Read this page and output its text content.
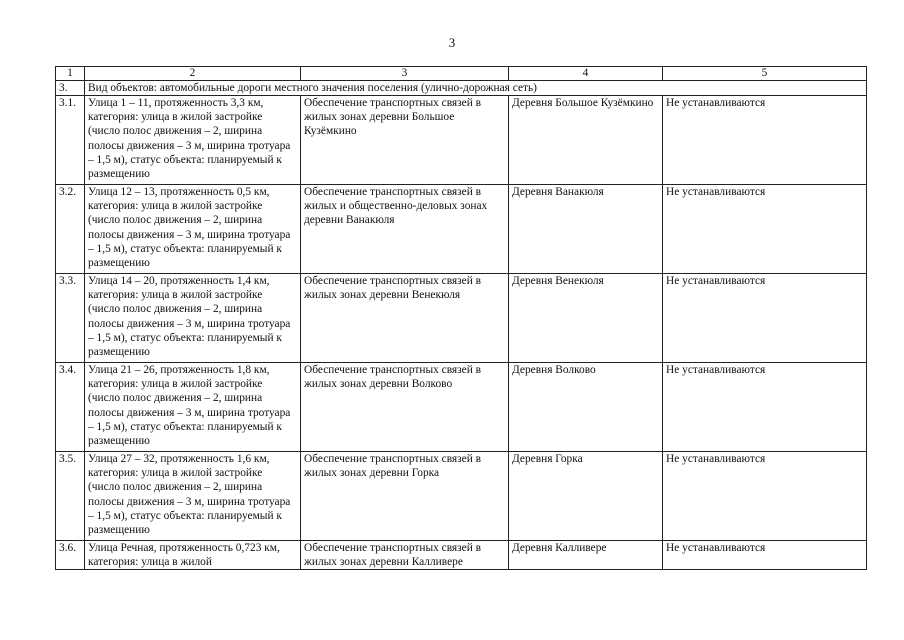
3
1	2	3	4	5
3.	Вид объектов: автомобильные дороги местного значения поселения (улично-дорожная сеть)			
3.1.	Улица 1 – 11, протяженность 3,3 км, категория: улица в жилой застройке (число полос движения – 2, ширина полосы движения – 3 м, ширина тротуара – 1,5 м), статус объекта: планируемый к размещению	Обеспечение транспортных связей в жилых зонах деревни Большое Кузёмкино	Деревня Большое Кузёмкино	Не устанавливаются
3.2.	Улица 12 – 13, протяженность 0,5 км, категория: улица в жилой застройке (число полос движения – 2, ширина полосы движения – 3 м, ширина тротуара – 1,5 м), статус объекта: планируемый к размещению	Обеспечение транспортных связей в жилых и общественно-деловых зонах деревни Ванакюля	Деревня Ванакюля	Не устанавливаются
3.3.	Улица 14 – 20, протяженность 1,4 км, категория: улица в жилой застройке (число полос движения – 2, ширина полосы движения – 3 м, ширина тротуара – 1,5 м), статус объекта: планируемый к размещению	Обеспечение транспортных связей в жилых зонах деревни Венекюля	Деревня Венекюля	Не устанавливаются
3.4.	Улица 21 – 26, протяженность 1,8 км, категория: улица в жилой застройке (число полос движения – 2, ширина полосы движения – 3 м, ширина тротуара – 1,5 м), статус объекта: планируемый к размещению	Обеспечение транспортных связей в жилых зонах деревни Волково	Деревня Волково	Не устанавливаются
3.5.	Улица 27 – 32, протяженность 1,6 км, категория: улица в жилой застройке (число полос движения – 2, ширина полосы движения – 3 м, ширина тротуара – 1,5 м), статус объекта: планируемый к размещению	Обеспечение транспортных связей в жилых зонах деревни Горка	Деревня Горка	Не устанавливаются
3.6.	Улица Речная, протяженность 0,723 км, категория: улица в жилой	Обеспечение транспортных связей в жилых зонах деревни Калливере	Деревня Калливере	Не устанавливаются
